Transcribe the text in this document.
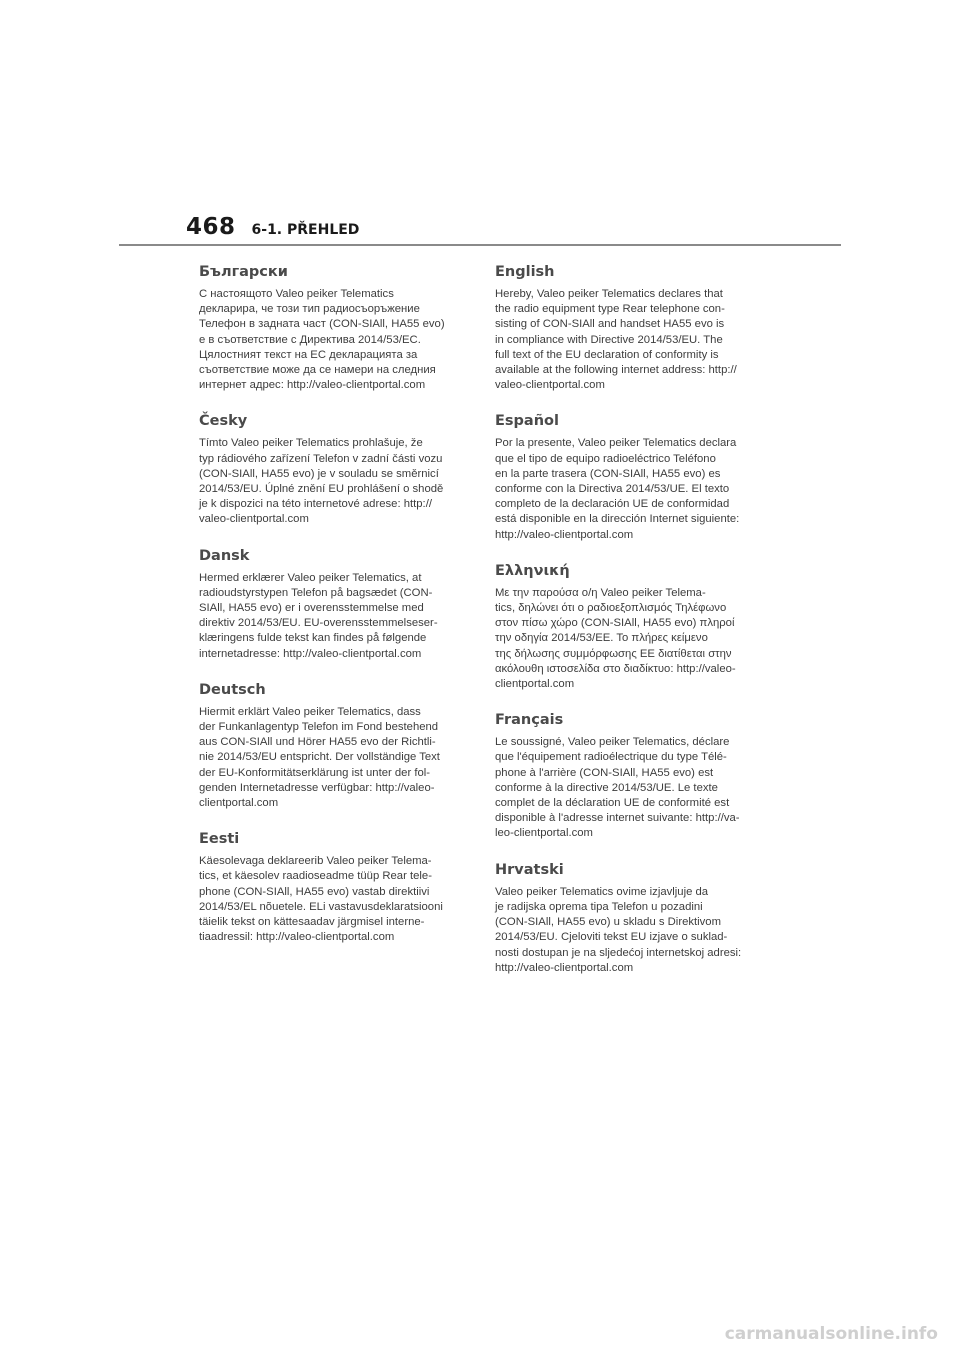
468 6-1. PŘEHLED
Български

С настоящото Valeo peiker Telematics
декларира, че този тип радиосъоръжение
Телефон в задната част (CON-SIAll, HA55 evo)
е в съответствие с Директива 2014/53/ЕС.
Цялостният текст на ЕС декларацията за
съответствие може да се намери на следния
интернет адрес: http://valeo-clientportal.com

Česky

Tímto Valeo peiker Telematics prohlašuje, že
typ rádiového zařízení Telefon v zadní části vozu
(CON-SIAll, HA55 evo) je v souladu se směrnicí
2014/53/EU. Úplné znění EU prohlášení o shodě
je k dispozici na této internetové adrese: http://
valeo-clientportal.com

Dansk

Hermed erklærer Valeo peiker Telematics, at
radioudstyrstypen Telefon på bagsædet (CON-
SIAll, HA55 evo) er i overensstemmelse med
direktiv 2014/53/EU. EU-overensstemmelseser-
klæringens fulde tekst kan findes på følgende
internetadresse: http://valeo-clientportal.com

Deutsch

Hiermit erklärt Valeo peiker Telematics, dass
der Funkanlagentyp Telefon im Fond bestehend
aus CON-SIAll und Hörer HA55 evo der Richtli-
nie 2014/53/EU entspricht. Der vollständige Text
der EU-Konformitätserklärung ist unter der fol-
genden Internetadresse verfügbar: http://valeo-
clientportal.com

Eesti

Käesolevaga deklareerib Valeo peiker Telema-
tics, et käesolev raadioseadme tüüp Rear tele-
phone (CON-SIAll, HA55 evo) vastab direktiivi
2014/53/EL nõuetele. ELi vastavusdeklaratsiooni
täielik tekst on kättesaadav järgmisel interne-
tiaadressil: http://valeo-clientportal.com

English

Hereby, Valeo peiker Telematics declares that
the radio equipment type Rear telephone con-
sisting of CON-SIAll and handset HA55 evo is
in compliance with Directive 2014/53/EU. The
full text of the EU declaration of conformity is
available at the following internet address: http://
valeo-clientportal.com

Español

Por la presente, Valeo peiker Telematics declara
que el tipo de equipo radioeléctrico Teléfono
en la parte trasera (CON-SIAll, HA55 evo) es
conforme con la Directiva 2014/53/UE. El texto
completo de la declaración UE de conformidad
está disponible en la dirección Internet siguiente:
http://valeo-clientportal.com

Ελληνική

Με την παρούσα ο/η Valeo peiker Telema-
tics, δηλώνει ότι ο ραδιοεξοπλισμός Τηλέφωνο
στον πίσω χώρο (CON-SIAll, HA55 evo) πληροί
την οδηγία 2014/53/ΕΕ. Το πλήρες κείμενο
της δήλωσης συμμόρφωσης ΕΕ διατίθεται στην
ακόλουθη ιστοσελίδα στο διαδίκτυο: http://valeo-
clientportal.com

Français

Le soussigné, Valeo peiker Telematics, déclare
que l'équipement radioélectrique du type Télé-
phone à l'arrière (CON-SIAll, HA55 evo) est
conforme à la directive 2014/53/UE. Le texte
complet de la déclaration UE de conformité est
disponible à l'adresse internet suivante: http://va-
leo-clientportal.com

Hrvatski

Valeo peiker Telematics ovime izjavljuje da
je radijska oprema tipa Telefon u pozadini
(CON-SIAll, HA55 evo) u skladu s Direktivom
2014/53/EU. Cjeloviti tekst EU izjave o suklad-
nosti dostupan je na sljedećoj internetskoj adresi:
http://valeo-clientportal.com

carmanualsonline.info
